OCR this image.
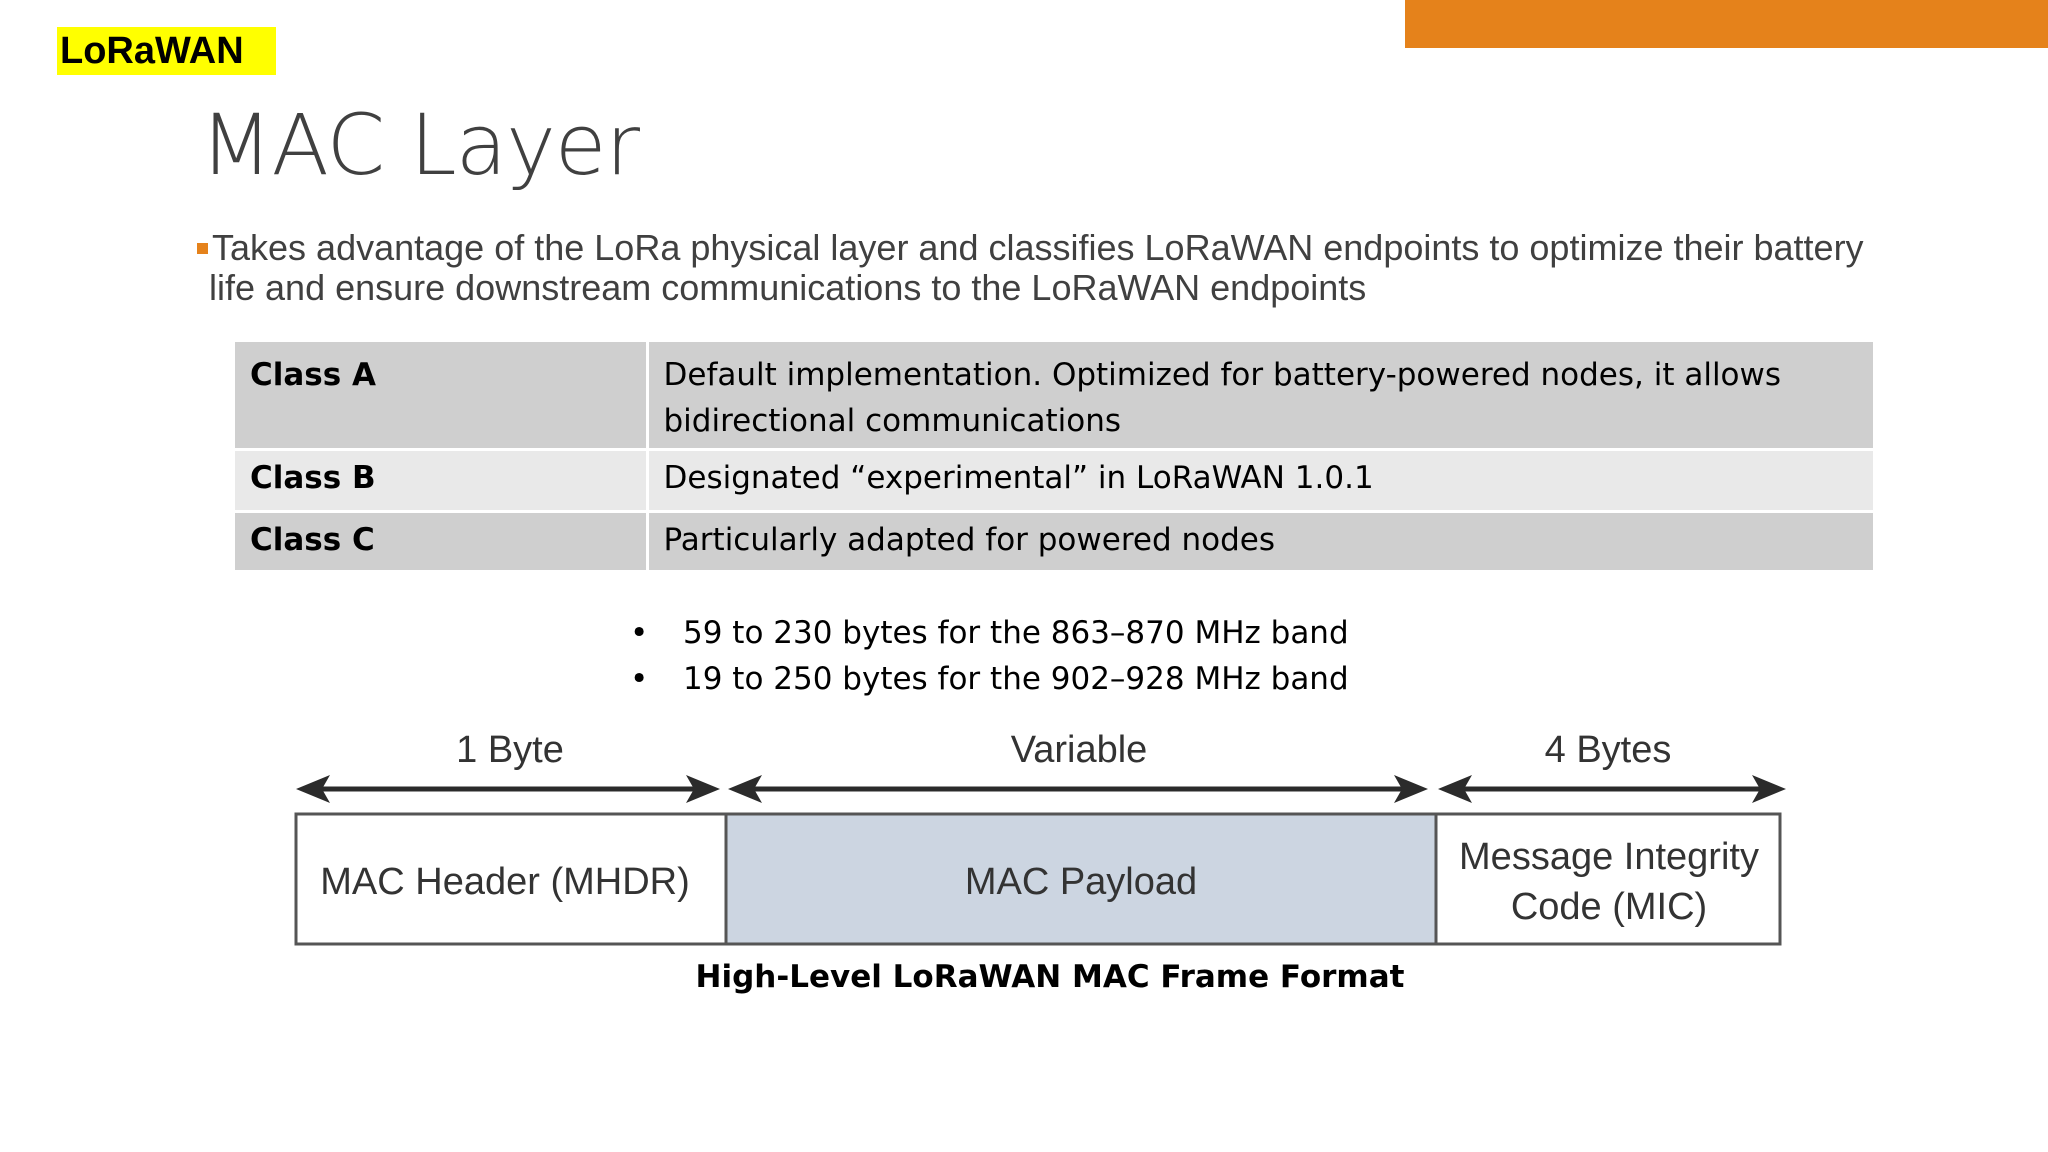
LoRaWAN
MAC Layer
Takes advantage of the LoRa physical layer and classifies LoRaWAN endpoints to optimize their battery life and ensure downstream communications to the LoRaWAN endpoints
Class A	Default implementation. Optimized for battery-powered nodes, it allows bidirectional communications
Class B	Designated “experimental” in LoRaWAN 1.0.1
Class C	Particularly adapted for powered nodes
• 59 to 230 bytes for the 863–870 MHz band
• 19 to 250 bytes for the 902–928 MHz band
1 Byte	Variable	4 Bytes
MAC Header (MHDR)	MAC Payload
Message Integrity
Code (MIC)
High-Level LoRaWAN MAC Frame Format
